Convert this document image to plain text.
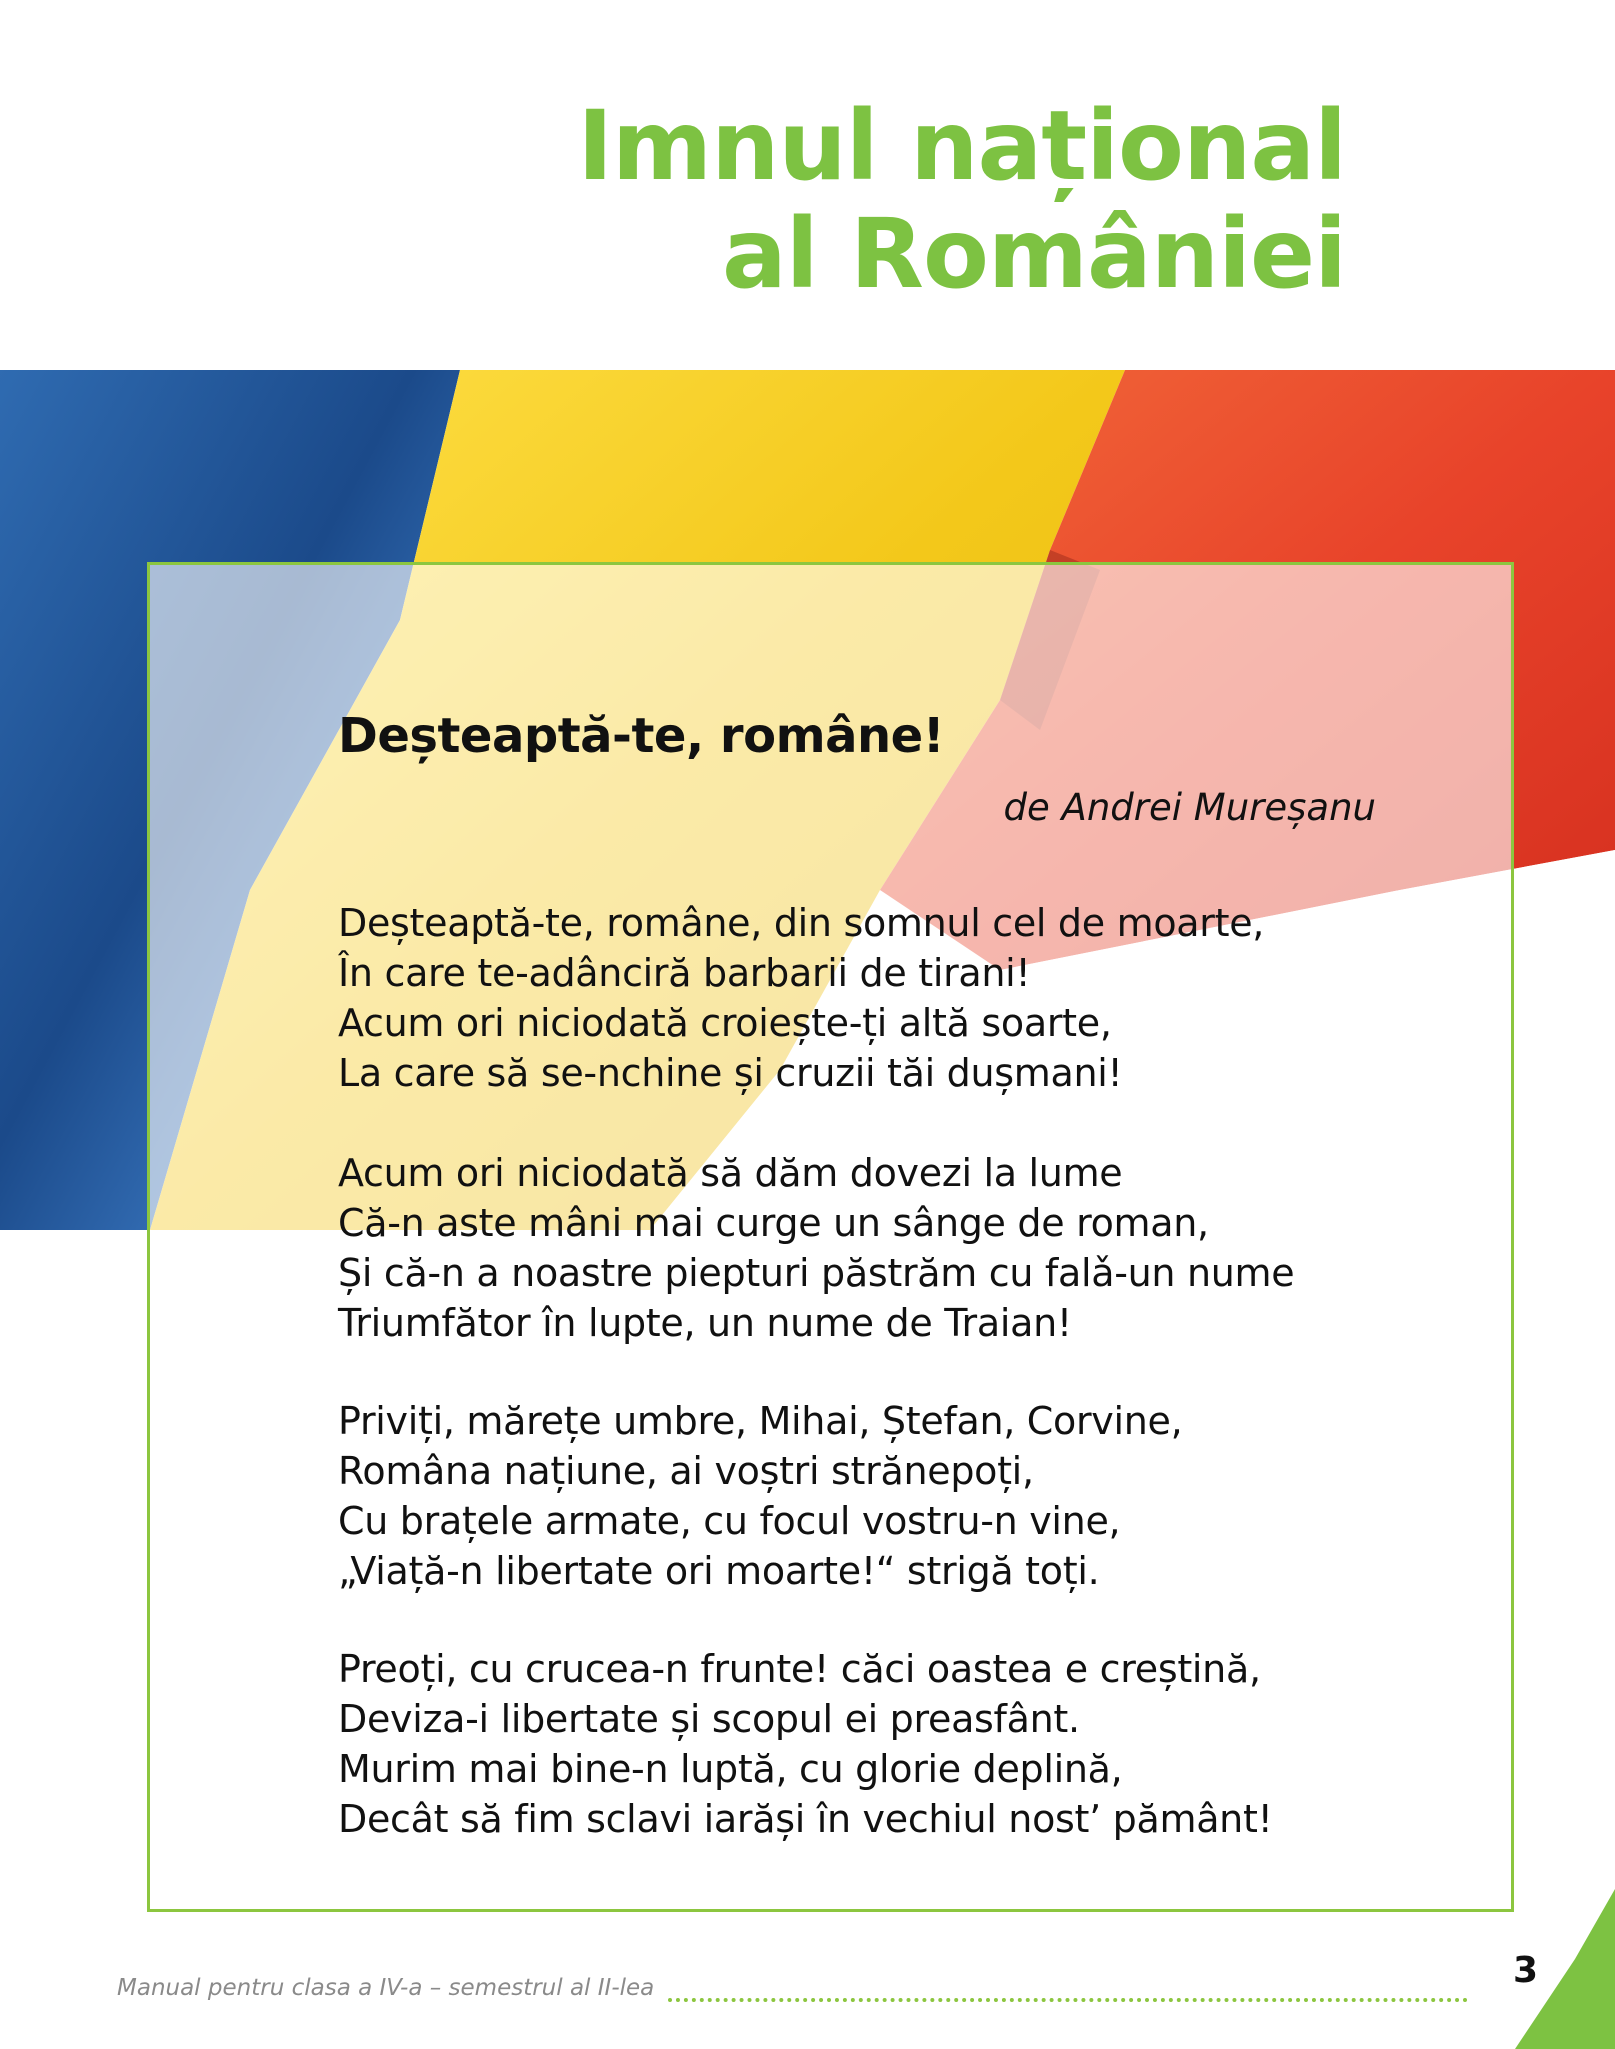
Imnul național
al României
Deșteaptă-te, române!
de Andrei Mureșanu
Deșteaptă-te, române, din somnul cel de moarte,
În care te-adânciră barbarii de tirani!
Acum ori niciodată croiește-ți altă soarte,
La care să se-nchine și cruzii tăi dușmani!
Acum ori niciodată să dăm dovezi la lume
Că-n aste mâni mai curge un sânge de roman,
Și că-n a noastre piepturi păstrăm cu falǎ-un nume
Triumfător în lupte, un nume de Traian!
Priviți, mărețe umbre, Mihai, Ștefan, Corvine,
Româna națiune, ai voștri strănepoți,
Cu brațele armate, cu focul vostru-n vine,
„Viață-n libertate ori moarte!“ strigă toți.
Preoți, cu crucea-n frunte! căci oastea e creștină,
Deviza-i libertate și scopul ei preasfânt.
Murim mai bine-n luptă, cu glorie deplină,
Decât să fim sclavi iarăși în vechiul nost’ pământ!
Manual pentru clasa a IV-a – semestrul al II-lea	3
